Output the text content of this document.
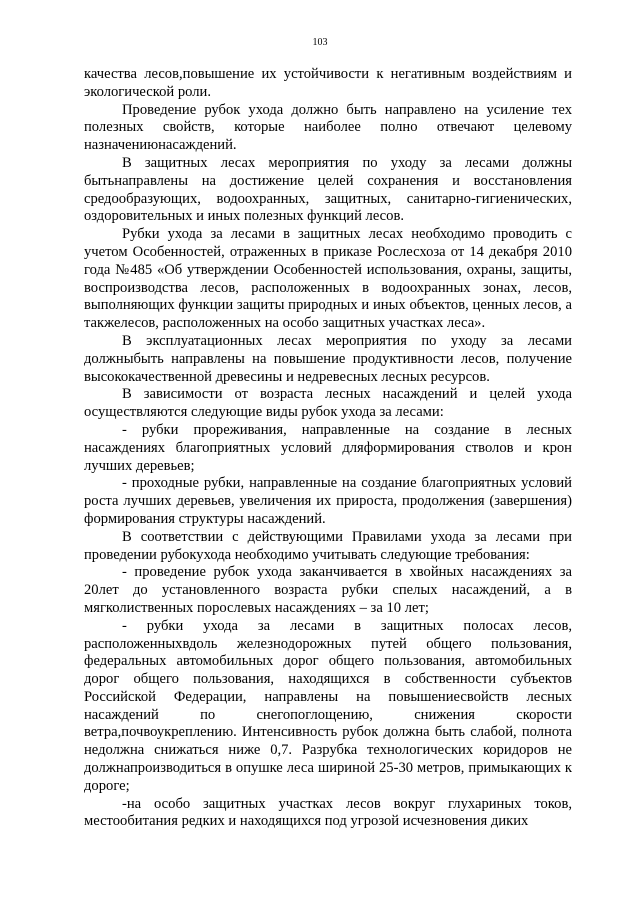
103

качества лесов,повышение их устойчивости к негативным воздействиям и экологической роли.

Проведение рубок ухода должно быть направлено на усиление тех полезных свойств, которые наиболее полно отвечают целевому назначениюнасаждений.

В защитных лесах мероприятия по уходу за лесами должны бытьнаправлены на достижение целей сохранения и восстановления средообразующих, водоохранных, защитных, санитарно-гигиенических, оздоровительных и иных полезных функций лесов.

Рубки ухода за лесами в защитных лесах необходимо проводить с учетом Особенностей, отраженных в приказе Рослесхоза от 14 декабря 2010 года №485 «Об утверждении Особенностей использования, охраны, защиты, воспроизводства лесов, расположенных в водоохранных зонах, лесов, выполняющих функции защиты природных и иных объектов, ценных лесов, а такжелесов, расположенных на особо защитных участках леса».

В эксплуатационных лесах мероприятия по уходу за лесами должныбыть направлены на повышение продуктивности лесов, получение высококачественной древесины и недревесных лесных ресурсов.

В зависимости от возраста лесных насаждений и целей ухода осуществляются следующие виды рубок ухода за лесами:

- рубки прореживания, направленные на создание в лесных насаждениях благоприятных условий дляформирования стволов и крон лучших деревьев;

- проходные рубки, направленные на создание благоприятных условий роста лучших деревьев, увеличения их прироста, продолжения (завершения) формирования структуры насаждений.

В соответствии с действующими Правилами ухода за лесами при проведении рубокухода необходимо учитывать следующие требования:

- проведение рубок ухода заканчивается в хвойных насаждениях за 20лет до установленного возраста рубки спелых насаждений, а в мягколиственных порослевых насаждениях – за 10 лет;

- рубки ухода за лесами в защитных полосах лесов, расположенныхвдоль железнодорожных путей общего пользования, федеральных автомобильных дорог общего пользования, автомобильных дорог общего пользования, находящихся в собственности субъектов Российской Федерации, направлены на повышениесвойств лесных насаждений по снегопоглощению, снижения скорости ветра,почвоукреплению. Интенсивность рубок должна быть слабой, полнота недолжна снижаться ниже 0,7. Разрубка технологических коридоров не должнапроизводиться в опушке леса шириной 25-30 метров, примыкающих к дороге;

-на особо защитных участках лесов вокруг глухариных токов, местообитания редких и находящихся под угрозой исчезновения диких
